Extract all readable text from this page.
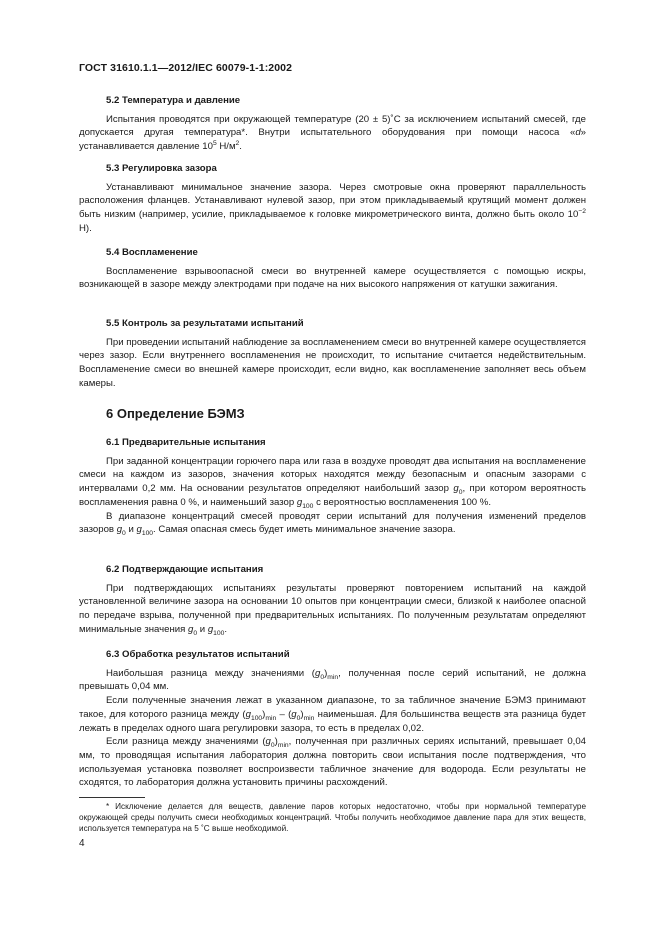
ГОСТ 31610.1.1—2012/IEC 60079-1-1:2002

5.2 Температура и давление

Испытания проводятся при окружающей температуре (20 ± 5)˚С за исключением испытаний смесей, где допускается другая температура*. Внутри испытательного оборудования при помощи насоса «d» устанавливается давление $10^5$ $Н/м^2$.

5.3 Регулировка зазора

Устанавливают минимальное значение зазора. Через смотровые окна проверяют параллельность расположения фланцев. Устанавливают нулевой зазор, при этом прикладываемый крутящий момент должен быть низким (например, усилие, прикладываемое к головке микрометрического винта, должно быть около $10^{-2}$ Н).

5.4 Воспламенение

Воспламенение взрывоопасной смеси во внутренней камере осуществляется с помощью искры, возникающей в зазоре между электродами при подаче на них высокого напряжения от катушки зажигания.

5.5 Контроль за результатами испытаний

При проведении испытаний наблюдение за воспламенением смеси во внутренней камере осуществляется через зазор. Если внутреннего воспламенения не происходит, то испытание считается недействительным. Воспламенение смеси во внешней камере происходит, если видно, как воспламенение заполняет весь объем камеры.

6 Определение БЭМЗ

6.1 Предварительные испытания

При заданной концентрации горючего пара или газа в воздухе проводят два испытания на воспламенение смеси на каждом из зазоров, значения которых находятся между безопасным и опасным зазорами с интервалами 0,2 мм. На основании результатов определяют наибольший зазор $g_0$, при котором вероятность воспламенения равна 0 %, и наименьший зазор $g_{100}$ с вероятностью воспламенения 100 %.

В диапазоне концентраций смесей проводят серии испытаний для получения изменений пределов зазоров $g_0$ и $g_{100}$. Самая опасная смесь будет иметь минимальное значение зазора.

6.2 Подтверждающие испытания

При подтверждающих испытаниях результаты проверяют повторением испытаний на каждой установленной величине зазора на основании 10 опытов при концентрации смеси, близкой к наиболее опасной по передаче взрыва, полученной при предварительных испытаниях. По полученным результатам определяют минимальные значения $g_0$ и $g_{100}$.

6.3 Обработка результатов испытаний

Наибольшая разница между значениями $(g_0)_{min}$, полученная после серий испытаний, не должна превышать 0,04 мм.

Если полученные значения лежат в указанном диапазоне, то за табличное значение БЭМЗ принимают такое, для которого разница между $(g_{100})_{min} - (g_0)_{min}$ наименьшая. Для большинства веществ эта разница будет лежать в пределах одного шага регулировки зазора, то есть в пределах 0,02.

Если разница между значениями $(g_0)_{min}$, полученная при различных сериях испытаний, превышает 0,04 мм, то проводящая испытания лаборатория должна повторить свои испытания после подтверждения, что используемая установка позволяет воспроизвести табличное значение для водорода. Если результаты не сходятся, то лаборатория должна установить причины расхождений.

* Исключение делается для веществ, давление паров которых недостаточно, чтобы при нормальной температуре окружающей среды получить смеси необходимых концентраций. Чтобы получить необходимое давление пара для этих веществ, используется температура на 5 ˚С выше необходимой.

4
